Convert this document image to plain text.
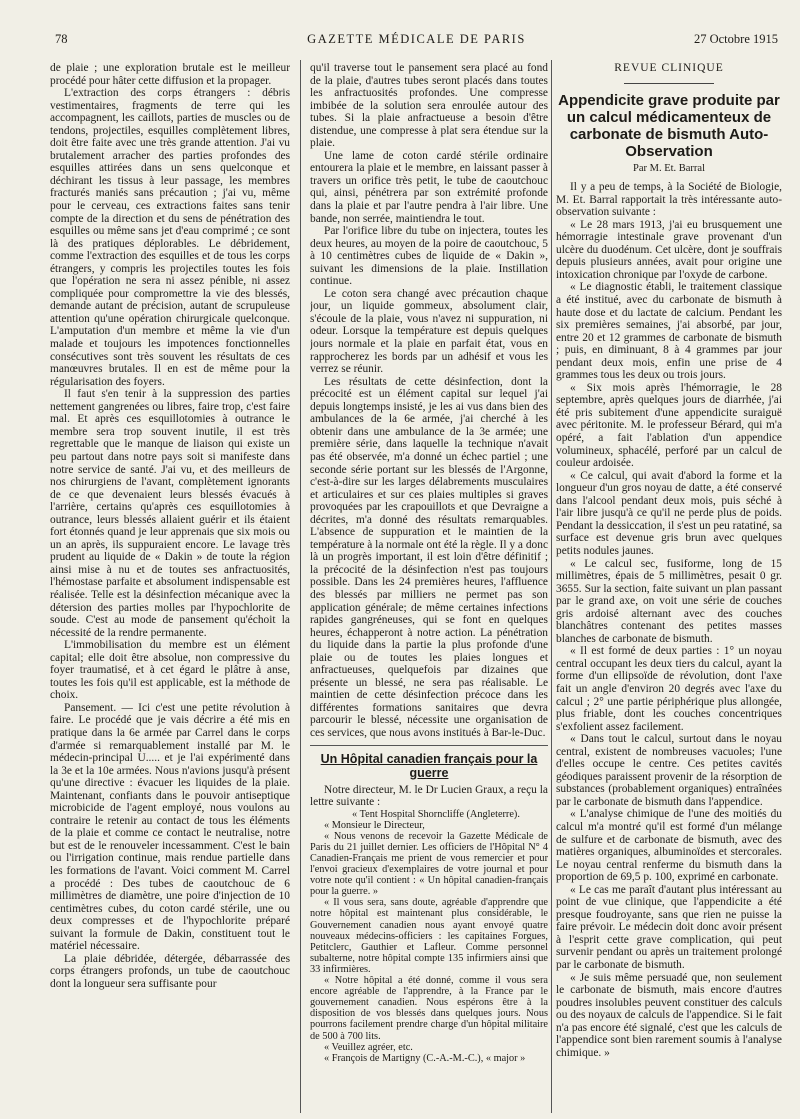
78	GAZETTE MÉDICALE DE PARIS	27 Octobre 1915

de plaie ; une exploration brutale est le meilleur procédé pour hâter cette diffusion et la propager.

L'extraction des corps étrangers : débris vestimentaires, fragments de terre qui les accompagnent, les caillots, parties de muscles ou de tendons, projectiles, esquilles complètement libres, doit être faite avec une très grande attention. J'ai vu brutalement arracher des parties profondes des esquilles attirées dans un sens quelconque et déchirant les tissus à leur passage, les membres fracturés maniés sans précaution ; j'ai vu, même pour le cerveau, ces extractions faites sans tenir compte de la direction et du sens de pénétration des esquilles ou même sans jet d'eau comprimé ; ce sont là des pratiques déplorables. Le débridement, comme l'extraction des esquilles et de tous les corps étrangers, y compris les projectiles toutes les fois que l'opération ne sera ni assez pénible, ni assez compliquée pour compromettre la vie des blessés, demande autant de précision, autant de scrupuleuse attention qu'une opération chirurgicale quelconque. L'amputation d'un membre et même la vie d'un malade et toujours les impotences fonctionnelles consécutives sont très souvent les résultats de ces manœuvres brutales. Il en est de même pour la régularisation des foyers.

Il faut s'en tenir à la suppression des parties nettement gangrenées ou libres, faire trop, c'est faire mal. Et après ces esquillotomies à outrance le membre sera trop souvent inutile, il est très regrettable que le manque de liaison qui existe un peu partout dans notre pays soit si manifeste dans notre service de santé. J'ai vu, et des meilleurs de nos chirurgiens de l'avant, complètement ignorants de ce que devenaient leurs blessés évacués à l'arrière, certains qu'après ces esquillotomies à outrance, leurs blessés allaient guérir et ils étaient fort étonnés quand je leur apprenais que six mois ou un an après, ils suppuraient encore. Le lavage très prudent au liquide de « Dakin » de toute la région ainsi mise à nu et de toutes ses anfractuosités, l'hémostase parfaite et absolument indispensable est réalisée. Telle est la désinfection mécanique avec la détersion des parties molles par l'hypochlorite de soude. C'est au mode de pansement qu'échoit la nécessité de la rendre permanente.

L'immobilisation du membre est un élément capital; elle doit être absolue, non compressive du foyer traumatisé, et à cet égard le plâtre à anse, toutes les fois qu'il est applicable, est la méthode de choix.

Pansement. — Ici c'est une petite révolution à faire. Le procédé que je vais décrire a été mis en pratique dans la 6e armée par Carrel dans le corps d'armée si remarquablement installé par M. le médecin-principal U..... et je l'ai expérimenté dans la 3e et la 10e armées. Nous n'avions jusqu'à présent qu'une directive : évacuer les liquides de la plaie. Maintenant, confiants dans le pouvoir antiseptique microbicide de l'agent employé, nous voulons au contraire le retenir au contact de tous les éléments de la plaie et comme ce contact le neutralise, notre but est de le renouveler incessamment. C'est le bain ou l'irrigation continue, mais rendue partielle dans les formations de l'avant. Voici comment M. Carrel a procédé : Des tubes de caoutchouc de 6 millimètres de diamètre, une poire d'injection de 10 centimètres cubes, du coton cardé stérile, une ou deux compresses et de l'hypochlorite préparé suivant la formule de Dakin, constituent tout le matériel nécessaire.

La plaie débridée, détergée, débarrassée des corps étrangers profonds, un tube de caoutchouc dont la longueur sera suffisante pour

qu'il traverse tout le pansement sera placé au fond de la plaie, d'autres tubes seront placés dans toutes les anfractuosités profondes. Une compresse imbibée de la solution sera enroulée autour des tubes. Si la plaie anfractueuse a besoin d'être distendue, une compresse à plat sera étendue sur la plaie.

Une lame de coton cardé stérile ordinaire entourera la plaie et le membre, en laissant passer à travers un orifice très petit, le tube de caoutchouc qui, ainsi, pénétrera par son extrémité profonde dans la plaie et par l'autre pendra à l'air libre. Une bande, non serrée, maintiendra le tout.

Par l'orifice libre du tube on injectera, toutes les deux heures, au moyen de la poire de caoutchouc, 5 à 10 centimètres cubes de liquide de « Dakin », suivant les dimensions de la plaie. Instillation continue.

Le coton sera changé avec précaution chaque jour, un liquide gommeux, absolument clair, s'écoule de la plaie, vous n'avez ni suppuration, ni odeur. Lorsque la température est depuis quelques jours normale et la plaie en parfait état, vous en rapprocherez les bords par un adhésif et vous les verrez se réunir.

Les résultats de cette désinfection, dont la précocité est un élément capital sur lequel j'ai depuis longtemps insisté, je les ai vus dans bien des ambulances de la 6e armée, j'ai cherché à les obtenir dans une ambulance de la 3e armée; une première série, dans laquelle la technique n'avait pas été observée, m'a donné un échec partiel ; une seconde série portant sur les blessés de l'Argonne, c'est-à-dire sur les larges délabrements musculaires et articulaires et sur ces plaies multiples si graves provoquées par les crapouillots et que Devraigne a décrites, m'a donné des résultats remarquables. L'absence de suppuration et le maintien de la température à la normale ont été la règle. Il y a donc là un progrès important, il est loin d'être définitif ; la précocité de la désinfection n'est pas toujours possible. Dans les 24 premières heures, l'affluence des blessés par milliers ne permet pas son application générale; de même certaines infections rapides gangréneuses, qui se font en quelques heures, échapperont à notre action. La pénétration du liquide dans la partie la plus profonde d'une plaie ou de toutes les plaies longues et anfractueuses, quelquefois par dizaines que présente un blessé, ne sera pas réalisable. Le maintien de cette désinfection précoce dans les différentes formations sanitaires que devra parcourir le blessé, nécessite une organisation de ces services, que nous avons institués à Bar-le-Duc.

Un Hôpital canadien français pour la guerre

Notre directeur, M. le Dr Lucien Graux, a reçu la lettre suivante :

« Tent Hospital Shorncliffe (Angleterre).

« Monsieur le Directeur,

« Nous venons de recevoir la Gazette Médicale de Paris du 21 juillet dernier. Les officiers de l'Hôpital N° 4 Canadien-Français me prient de vous remercier et pour l'envoi gracieux d'exemplaires de votre journal et pour votre note qu'il contient : « Un hôpital canadien-français pour la guerre. »

« Il vous sera, sans doute, agréable d'apprendre que notre hôpital est maintenant plus considérable, le Gouvernement canadien nous ayant envoyé quatre nouveaux médecins-officiers : les capitaines Forgues, Petitclerc, Gauthier et Lafleur. Comme personnel subalterne, notre hôpital compte 135 infirmiers ainsi que 33 infirmières.

« Notre hôpital a été donné, comme il vous sera encore agréable de l'apprendre, à la France par le gouvernement canadien. Nous espérons être à la disposition de vos blessés dans quelques jours. Nous pourrons facilement prendre charge d'un hôpital militaire de 500 à 700 lits.

« Veuillez agréer, etc.

« François de Martigny (C.-A.-M.-C.), « major »

REVUE CLINIQUE
Appendicite grave produite par un calcul médicamenteux de carbonate de bismuth Auto-Observation
Par M. Et. Barral

Il y a peu de temps, à la Société de Biologie, M. Et. Barral rapportait la très intéressante auto-observation suivante :

« Le 28 mars 1913, j'ai eu brusquement une hémorragie intestinale grave provenant d'un ulcère du duodénum. Cet ulcère, dont je souffrais depuis plusieurs années, avait pour origine une intoxication chronique par l'oxyde de carbone.

« Le diagnostic établi, le traitement classique a été institué, avec du carbonate de bismuth à haute dose et du lactate de calcium. Pendant les six premières semaines, j'ai absorbé, par jour, entre 20 et 12 grammes de carbonate de bismuth ; puis, en diminuant, 8 à 4 grammes par jour pendant deux mois, enfin une prise de 4 grammes tous les deux ou trois jours.

« Six mois après l'hémorragie, le 28 septembre, après quelques jours de diarrhée, j'ai été pris subitement d'une appendicite suraiguë avec péritonite. M. le professeur Bérard, qui m'a opéré, a fait l'ablation d'un appendice volumineux, sphacélé, perforé par un calcul de couleur ardoisée.

« Ce calcul, qui avait d'abord la forme et la longueur d'un gros noyau de datte, a été conservé dans l'alcool pendant deux mois, puis séché à l'air libre jusqu'à ce qu'il ne perde plus de poids. Pendant la dessiccation, il s'est un peu ratatiné, sa surface est devenue gris brun avec quelques petits nodules jaunes.

« Le calcul sec, fusiforme, long de 15 millimètres, épais de 5 millimètres, pesait 0 gr. 3655. Sur la section, faite suivant un plan passant par le grand axe, on voit une série de couches gris ardoisé alternant avec des couches blanchâtres contenant des petites masses blanches de carbonate de bismuth.

« Il est formé de deux parties : 1° un noyau central occupant les deux tiers du calcul, ayant la forme d'un ellipsoïde de révolution, dont l'axe fait un angle d'environ 20 degrés avec l'axe du calcul ; 2° une partie périphérique plus allongée, plus friable, dont les couches concentriques s'exfolient assez facilement.

« Dans tout le calcul, surtout dans le noyau central, existent de nombreuses vacuoles; l'une d'elles occupe le centre. Ces petites cavités géodiques paraissent provenir de la résorption de substances (probablement organiques) entraînées par le carbonate de bismuth dans l'appendice.

« L'analyse chimique de l'une des moitiés du calcul m'a montré qu'il est formé d'un mélange de sulfure et de carbonate de bismuth, avec des matières organiques, albuminoïdes et stercorales. Le noyau central renferme du bismuth dans la proportion de 69,5 p. 100, exprimé en carbonate.

« Le cas me paraît d'autant plus intéressant au point de vue clinique, que l'appendicite a été presque foudroyante, sans que rien ne puisse la faire prévoir. Le médecin doit donc avoir présent à l'esprit cette grave complication, qui peut survenir pendant ou après un traitement prolongé par le carbonate de bismuth.

« Je suis même persuadé que, non seulement le carbonate de bismuth, mais encore d'autres poudres insolubles peuvent constituer des calculs ou des noyaux de calculs de l'appendice. Si le fait n'a pas encore été signalé, c'est que les calculs de l'appendice sont bien rarement soumis à l'analyse chimique. »
